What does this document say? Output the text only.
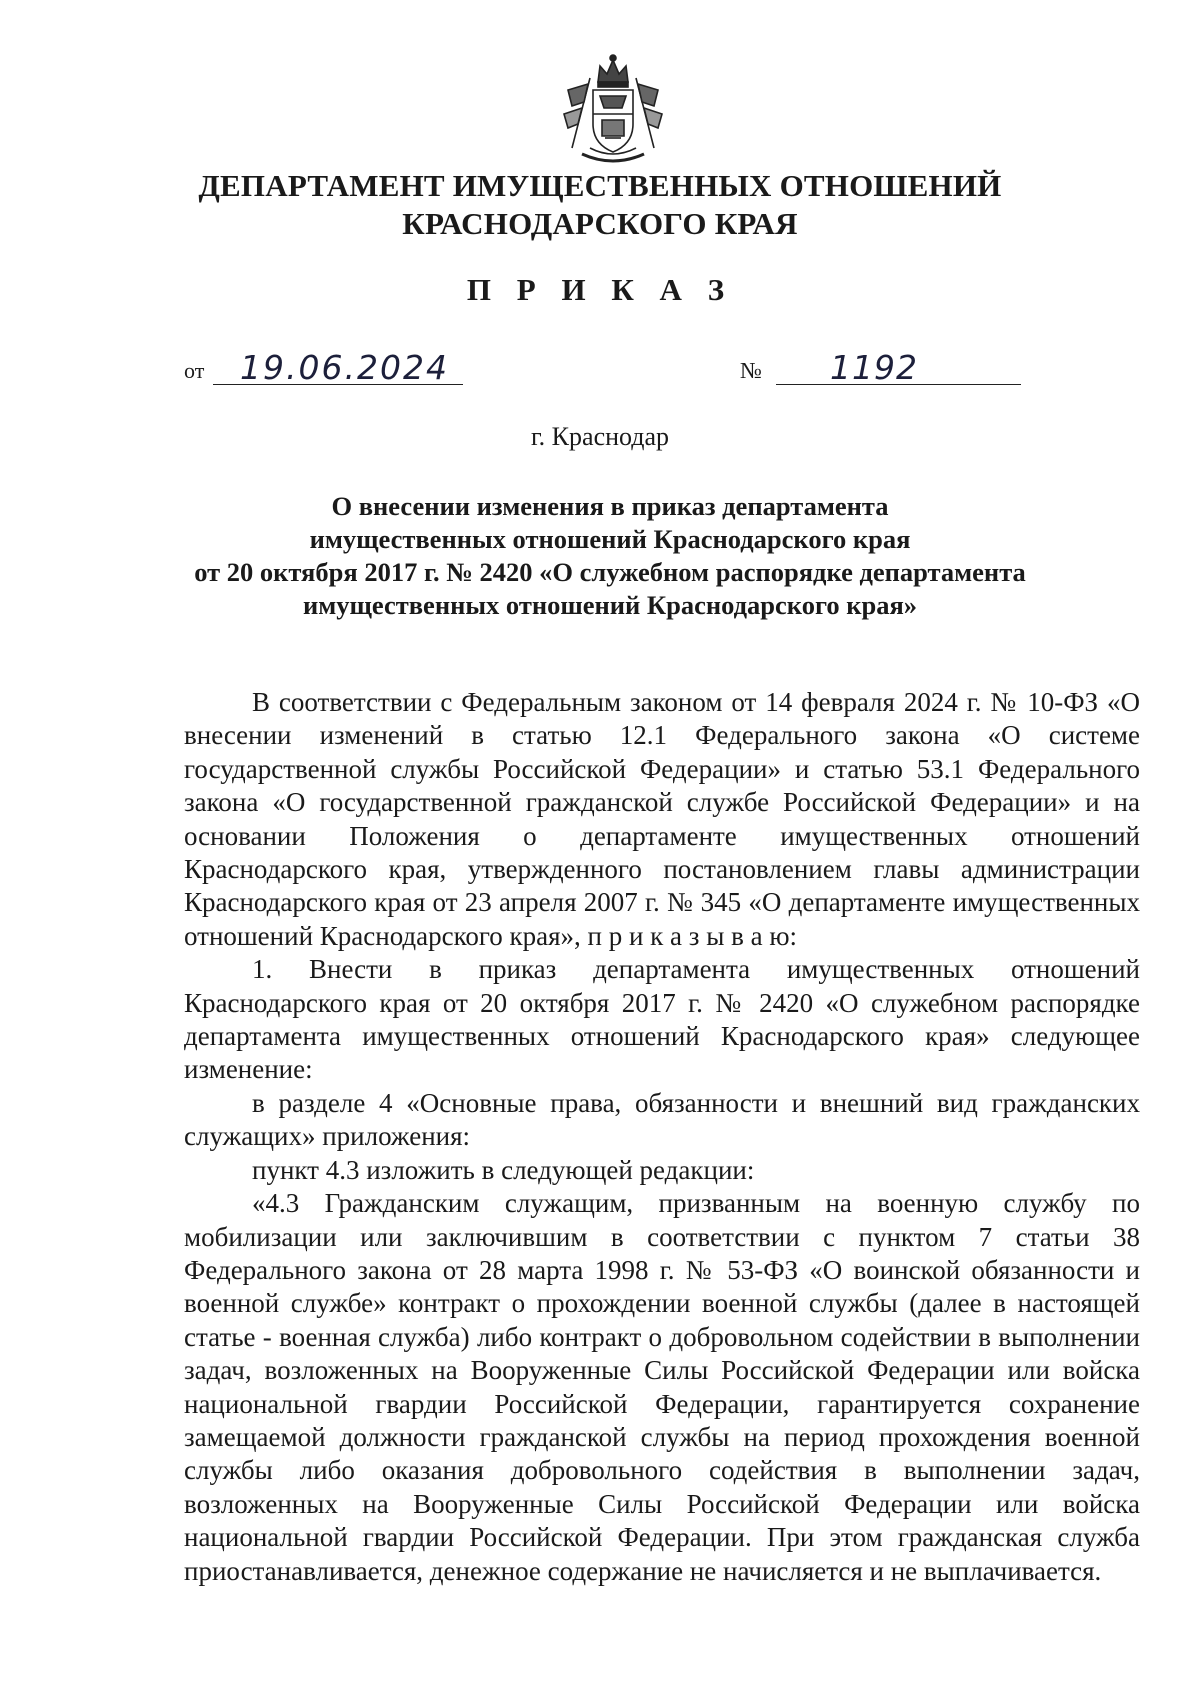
ДЕПАРТАМЕНТ ИМУЩЕСТВЕННЫХ ОТНОШЕНИЙ
КРАСНОДАРСКОГО КРАЯ
П Р И К А З
от 19.06.2024	№ 1192
г. Краснодар
О внесении изменения в приказ департамента
имущественных отношений Краснодарского края
от 20 октября 2017 г. № 2420 «О служебном распорядке департамента
имущественных отношений Краснодарского края»

В соответствии с Федеральным законом от 14 февраля 2024 г. № 10-ФЗ «О внесении изменений в статью 12.1 Федерального закона «О системе государственной службы Российской Федерации» и статью 53.1 Федерального закона «О государственной гражданской службе Российской Федерации» и на основании Положения о департаменте имущественных отношений Краснодарского края, утвержденного постановлением главы администрации Краснодарского края от 23 апреля 2007 г. № 345 «О департаменте имущественных отношений Краснодарского края», п р и к а з ы в а ю:

1. Внести в приказ департамента имущественных отношений Краснодарского края от 20 октября 2017 г. № 2420 «О служебном распорядке департамента имущественных отношений Краснодарского края» следующее изменение:

в разделе 4 «Основные права, обязанности и внешний вид гражданских служащих» приложения:

пункт 4.3 изложить в следующей редакции:

«4.3 Гражданским служащим, призванным на военную службу по мобилизации или заключившим в соответствии с пунктом 7 статьи 38 Федерального закона от 28 марта 1998 г. № 53-ФЗ «О воинской обязанности и военной службе» контракт о прохождении военной службы (далее в настоящей статье - военная служба) либо контракт о добровольном содействии в выполнении задач, возложенных на Вооруженные Силы Российской Федерации или войска национальной гвардии Российской Федерации, гарантируется сохранение замещаемой должности гражданской службы на период прохождения военной службы либо оказания добровольного содействия в выполнении задач, возложенных на Вооруженные Силы Российской Федерации или войска национальной гвардии Российской Федерации. При этом гражданская служба приостанавливается, денежное содержание не начисляется и не выплачивается.
